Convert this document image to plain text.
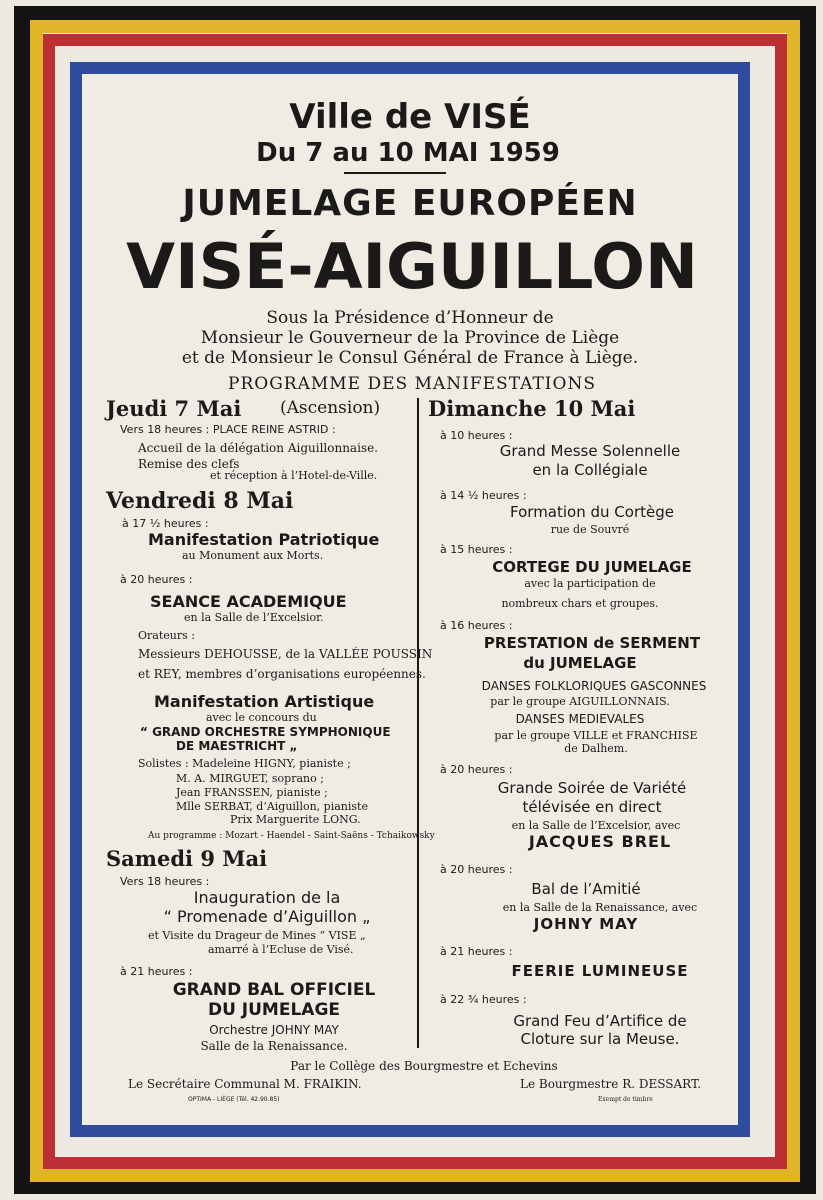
Ville de VISÉ
Du 7 au 10 MAI 1959
JUMELAGE EUROPÉEN
VISÉ-AIGUILLON
Sous la Présidence d’Honneur de
Monsieur le Gouverneur de la Province de Liège
et de Monsieur le Consul Général de France à Liège.
PROGRAMME DES MANIFESTATIONS
Jeudi 7 Mai (Ascension)
Vers 18 heures : PLACE REINE ASTRID :
Accueil de la délégation Aiguillonnaise.
Remise des clefs
et réception à l’Hotel-de-Ville.
Vendredi 8 Mai
à 17 ¹⁄₂ heures :
Manifestation Patriotique
au Monument aux Morts.
à 20 heures :
SEANCE ACADEMIQUE
en la Salle de l’Excelsior.
Orateurs :
Messieurs DEHOUSSE, de la VALLÉE POUSSIN
et REY, membres d’organisations européennes.
Manifestation Artistique
avec le concours du
“ GRAND ORCHESTRE SYMPHONIQUE
DE MAESTRICHT „
Solistes : Madeleine HIGNY, pianiste ;
M. A. MIRGUET, soprano ;
Jean FRANSSEN, pianiste ;
Mlle SERBAT, d’Aiguillon, pianiste
Prix Marguerite LONG.
Au programme : Mozart - Haendel - Saint-Saëns - Tchaikowsky
Samedi 9 Mai
Vers 18 heures :
Inauguration de la
“ Promenade d’Aiguillon „
et Visite du Drageur de Mines “ VISE „
amarré à l’Ecluse de Visé.
à 21 heures :
GRAND BAL OFFICIEL
DU JUMELAGE
Orchestre JOHNY MAY
Salle de la Renaissance.
Dimanche 10 Mai
à 10 heures :
Grand Messe Solennelle
en la Collégiale
à 14 ¹⁄₂ heures :
Formation du Cortège
rue de Souvré
à 15 heures :
CORTEGE DU JUMELAGE
avec la participation de
nombreux chars et groupes.
à 16 heures :
PRESTATION de SERMENT
du JUMELAGE
DANSES FOLKLORIQUES GASCONNES
par le groupe AIGUILLONNAIS.
DANSES MEDIEVALES
par le groupe VILLE et FRANCHISE
de Dalhem.
à 20 heures :
Grande Soirée de Variété
télévisée en direct
en la Salle de l’Excelsior, avec
JACQUES BREL
à 20 heures :
Bal de l’Amitié
en la Salle de la Renaissance, avec
JOHNY MAY
à 21 heures :
FEERIE LUMINEUSE
à 22 ³⁄₄ heures :
Grand Feu d’Artifice de
Cloture sur la Meuse.
Par le Collège des Bourgmestre et Echevins
Le Secrétaire Communal M. FRAIKIN.	Le Bourgmestre R. DESSART.
OPTIMA - LIÈGE (Tél. 42.90.85)	Exempt de timbre
